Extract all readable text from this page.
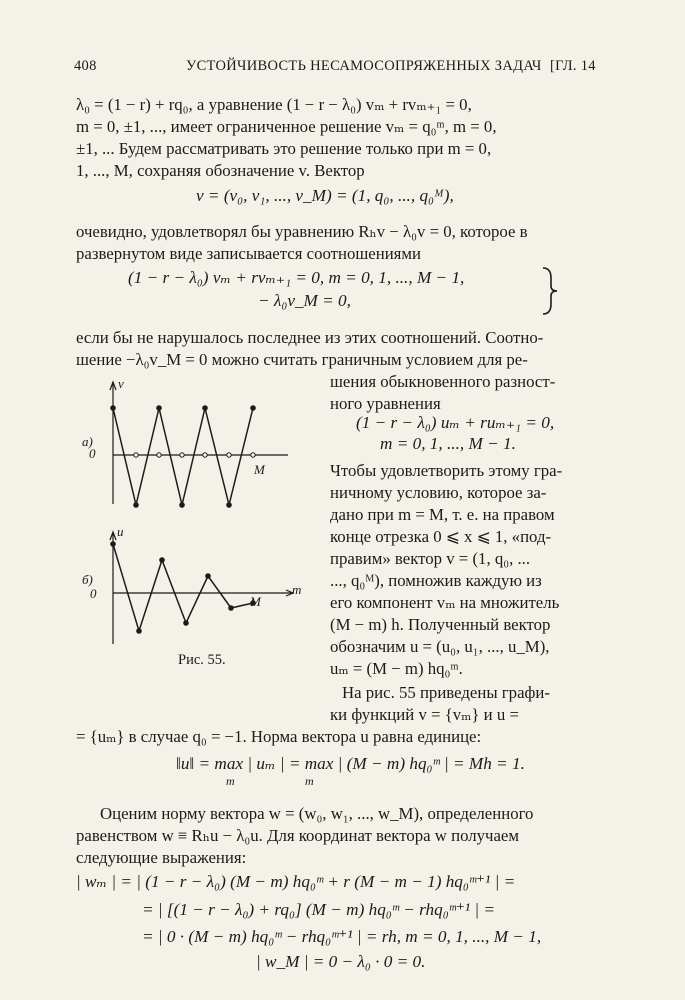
408	УСТОЙЧИВОСТЬ НЕСАМОСОПРЯЖЕННЫХ ЗАДАЧ [ГЛ. 14
λ₀ = (1 − r) + rq₀, а уравнение (1 − r − λ₀) vₘ + rvₘ₊₁ = 0,
m = 0, ±1, ..., имеет ограниченное решение vₘ = q₀ᵐ, m = 0,
±1, ... Будем рассматривать это решение только при m = 0,
1, ..., M, сохраняя обозначение v. Вектор
v = (v₀, v₁, ..., v_M) = (1, q₀, ..., q₀ᴹ),
очевидно, удовлетворял бы уравнению Rₕv − λ₀v = 0, которое в
развернутом виде записывается соотношениями
(1 − r − λ₀) vₘ + rvₘ₊₁ = 0, m = 0, 1, ..., M − 1,
− λ₀v_M = 0,
если бы не нарушалось последнее из этих соотношений. Соотно-
шение −λ₀v_M = 0 можно считать граничным условием для ре-
шения обыкновенного разност-
ного уравнения
(1 − r − λ₀) uₘ + ruₘ₊₁ = 0,
m = 0, 1, ..., M − 1.
Чтобы удовлетворить этому гра-
ничному условию, которое за-
дано при m = M, т. е. на правом
конце отрезка 0 ⩽ x ⩽ 1, «под-
правим» вектор v = (1, q₀, ...
..., q₀ᴹ), помножив каждую из
его компонент vₘ на множитель
(M − m) h. Полученный вектор
обозначим u = (u₀, u₁, ..., u_M),
uₘ = (M − m) hq₀ᵐ.
На рис. 55 приведены графи-
ки функций v = {vₘ} и u =
v
0
а)
M
u
0
б)
M
m
Рис. 55.
= {uₘ} в случае q₀ = −1. Норма вектора u равна единице:
‖u‖ = max | uₘ | = max | (M − m) hq₀ᵐ | = Mh = 1.
m	m
Оценим норму вектора w = (w₀, w₁, ..., w_M), определенного
равенством w ≡ Rₕu − λ₀u. Для координат вектора w получаем
следующие выражения:
| wₘ | = | (1 − r − λ₀) (M − m) hq₀ᵐ + r (M − m − 1) hq₀ᵐ⁺¹ | =
= | [(1 − r − λ₀) + rq₀] (M − m) hq₀ᵐ − rhq₀ᵐ⁺¹ | =
= | 0 · (M − m) hq₀ᵐ − rhq₀ᵐ⁺¹ | = rh, m = 0, 1, ..., M − 1,
| w_M | = 0 − λ₀ · 0 = 0.
